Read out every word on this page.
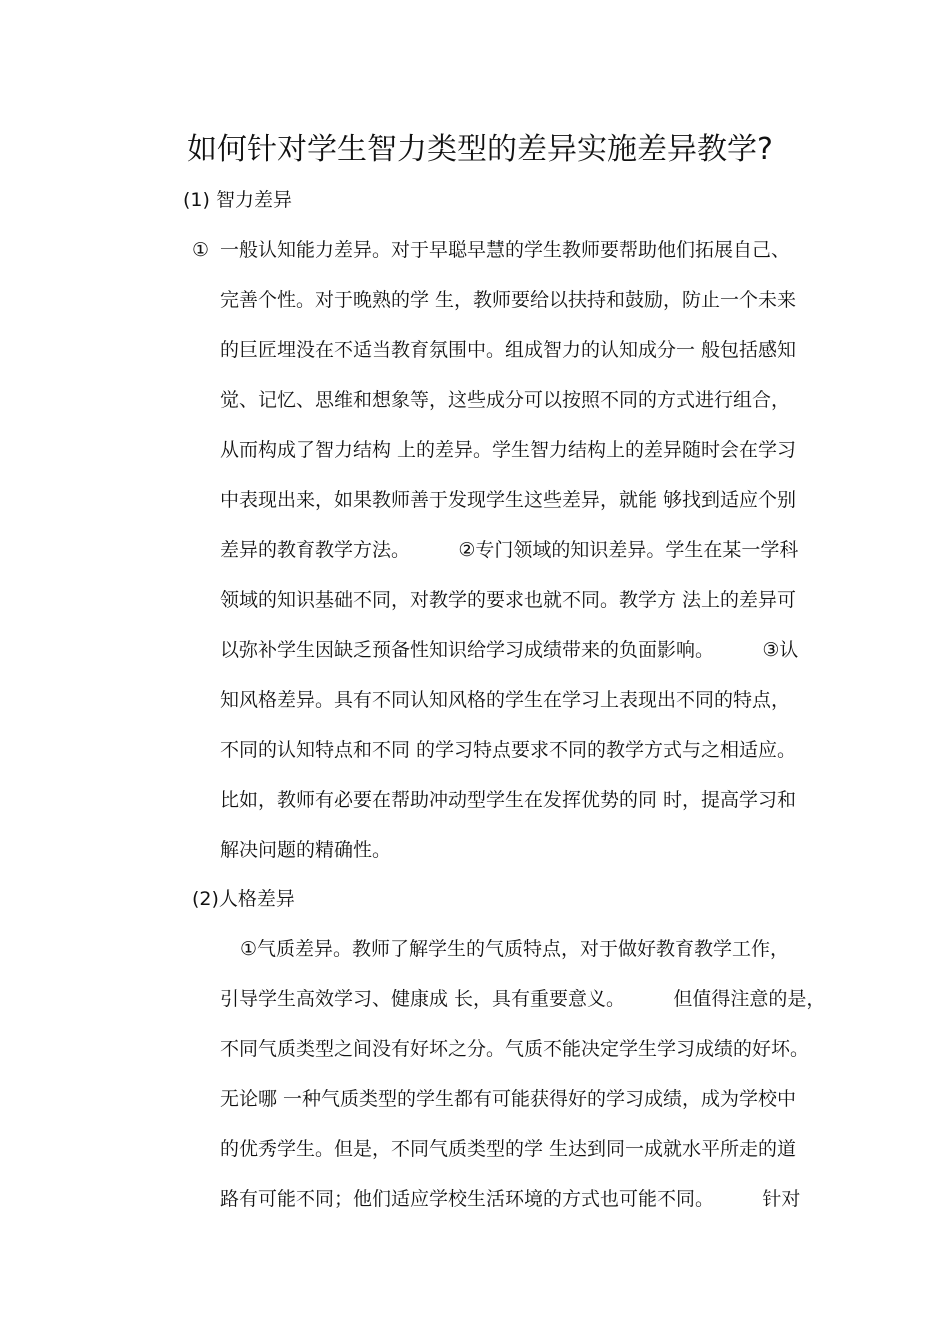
如何针对学生智力类型的差异实施差异教学?
(1) 智力差异
① 一般认知能力差异。对于早聪早慧的学生教师要帮助他们拓展自己、
完善个性。对于晚熟的学 生，教师要给以扶持和鼓励，防止一个未来
的巨匠埋没在不适当教育氛围中。组成智力的认知成分一 般包括感知
觉、记忆、思维和想象等，这些成分可以按照不同的方式进行组合，
从而构成了智力结构 上的差异。学生智力结构上的差异随时会在学习
中表现出来，如果教师善于发现学生这些差异，就能 够找到适应个别
差异的教育教学方法。        ②专门领域的知识差异。学生在某一学科
领域的知识基础不同，对教学的要求也就不同。教学方 法上的差异可
以弥补学生因缺乏预备性知识给学习成绩带来的负面影响。        ③认
知风格差异。具有不同认知风格的学生在学习上表现出不同的特点，
不同的认知特点和不同 的学习特点要求不同的教学方式与之相适应。
比如，教师有必要在帮助冲动型学生在发挥优势的同 时，提高学习和
解决问题的精确性。
(2)人格差异
①气质差异。教师了解学生的气质特点，对于做好教育教学工作，
引导学生高效学习、健康成 长，具有重要意义。        但值得注意的是，
不同气质类型之间没有好坏之分。气质不能决定学生学习成绩的好坏。
无论哪 一种气质类型的学生都有可能获得好的学习成绩，成为学校中
的优秀学生。但是，不同气质类型的学 生达到同一成就水平所走的道
路有可能不同；他们适应学校生活环境的方式也可能不同。        针对
